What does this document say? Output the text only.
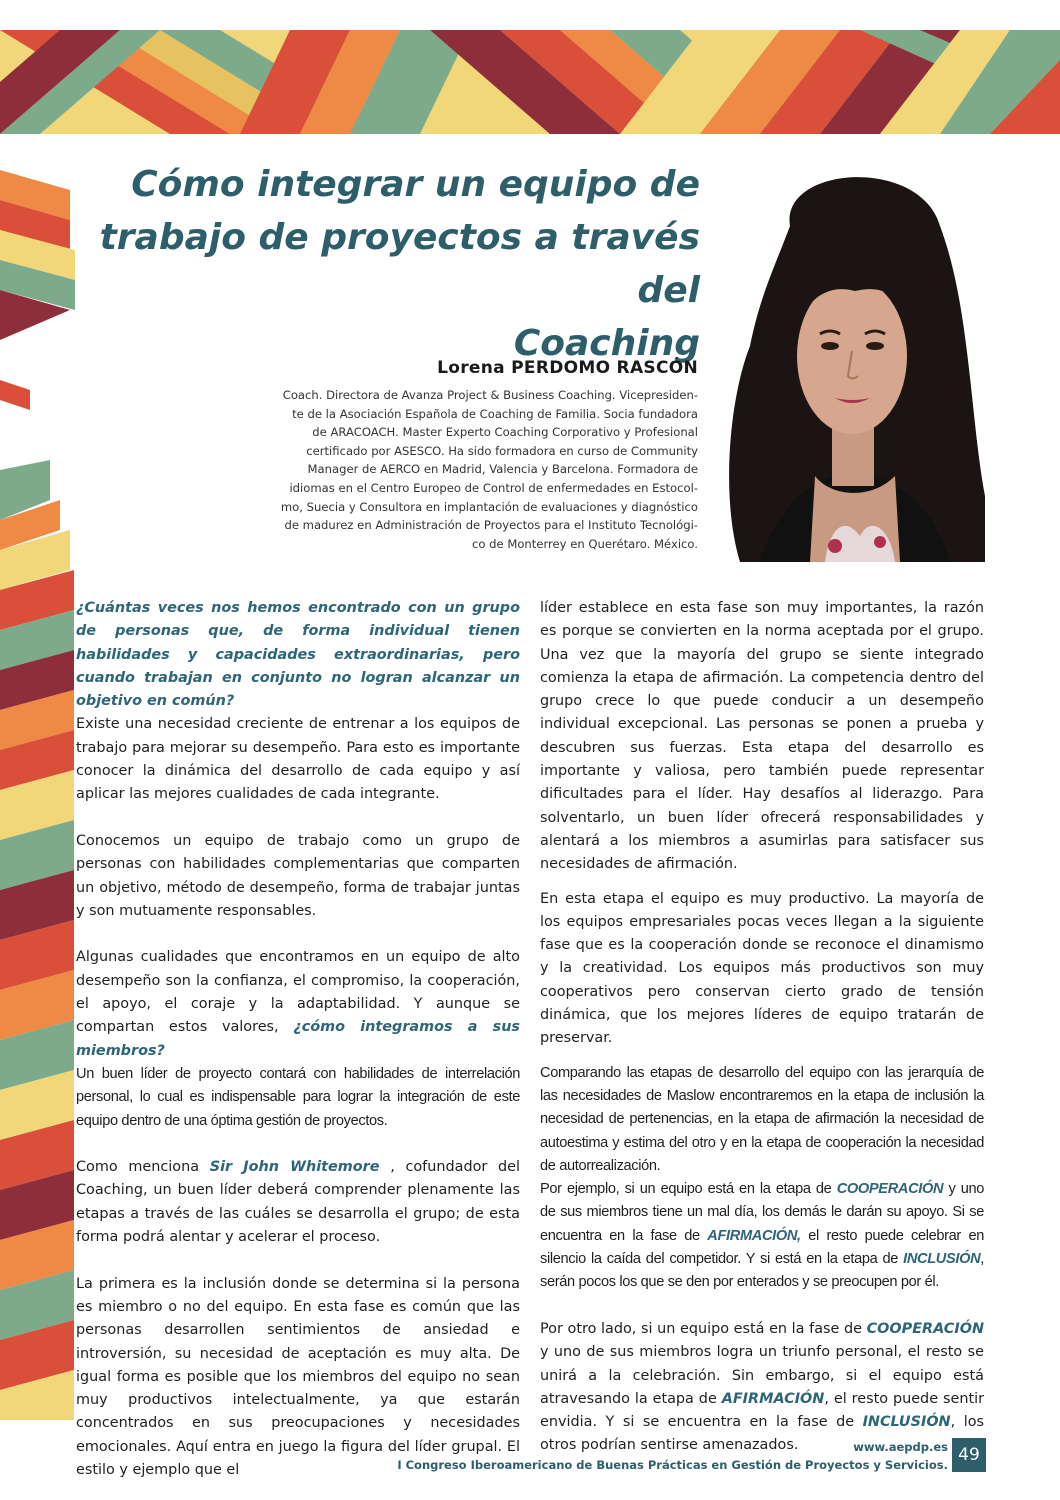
Cómo integrar un equipo de
trabajo de proyectos a través del
Coaching
Lorena PERDOMO RASCÓN
Coach. Directora de Avanza Project & Business Coaching. Vicepresiden-
te de la Asociación Española de Coaching de Familia. Socia fundadora
de ARACOACH. Master Experto Coaching Corporativo y Profesional
certificado por ASESCO. Ha sido formadora en curso de Community
Manager de AERCO en Madrid, Valencia y Barcelona. Formadora de
idiomas en el Centro Europeo de Control de enfermedades en Estocol-
mo, Suecia y Consultora en implantación de evaluaciones y diagnóstico
de madurez en Administración de Proyectos para el Instituto Tecnológi-
co de Monterrey en Querétaro. México.

¿Cuántas veces nos hemos encontrado con un grupo de personas que, de forma individual tienen habilidades y capacidades extraordinarias, pero cuando trabajan en conjunto no logran alcanzar un objetivo en común?

Existe una necesidad creciente de entrenar a los equipos de trabajo para mejorar su desempeño. Para esto es importante conocer la dinámica del desarrollo de cada equipo y así aplicar las mejores cualidades de cada integrante.

Conocemos un equipo de trabajo como un grupo de personas con habilidades complementarias que comparten un objetivo, método de desempeño, forma de trabajar juntas y son mutuamente responsables.

Algunas cualidades que encontramos en un equipo de alto desempeño son la confianza, el compromiso, la cooperación, el apoyo, el coraje y la adaptabilidad. Y aunque se compartan estos valores, ¿cómo integramos a sus miembros?

Un buen líder de proyecto contará con habilidades de interrelación personal, lo cual es indispensable para lograr la integración de este equipo dentro de una óptima gestión de proyectos.

Como menciona Sir John Whitemore , cofundador del Coaching, un buen líder deberá comprender plenamente las etapas a través de las cuáles se desarrolla el grupo; de esta forma podrá alentar y acelerar el proceso.

La primera es la inclusión donde se determina si la persona es miembro o no del equipo. En esta fase es común que las personas desarrollen sentimientos de ansiedad e introversión, su necesidad de aceptación es muy alta. De igual forma es posible que los miembros del equipo no sean muy productivos intelectualmente, ya que estarán concentrados en sus preocupaciones y necesidades emocionales. Aquí entra en juego la figura del líder grupal. El estilo y ejemplo que el

líder establece en esta fase son muy importantes, la razón es porque se convierten en la norma aceptada por el grupo. Una vez que la mayoría del grupo se siente integrado comienza la etapa de afirmación. La competencia dentro del grupo crece lo que puede conducir a un desempeño individual excepcional. Las personas se ponen a prueba y descubren sus fuerzas. Esta etapa del desarrollo es importante y valiosa, pero también puede representar dificultades para el líder. Hay desafíos al liderazgo. Para solventarlo, un buen líder ofrecerá responsabilidades y alentará a los miembros a asumirlas para satisfacer sus necesidades de afirmación.

En esta etapa el equipo es muy productivo. La mayoría de los equipos empresariales pocas veces llegan a la siguiente fase que es la cooperación donde se reconoce el dinamismo y la creatividad. Los equipos más productivos son muy cooperativos pero conservan cierto grado de tensión dinámica, que los mejores líderes de equipo tratarán de preservar.

Comparando las etapas de desarrollo del equipo con las jerarquía de las necesidades de Maslow encontraremos en la etapa de inclusión la necesidad de pertenencias, en la etapa de afirmación la necesidad de autoestima y estima del otro y en la etapa de cooperación la necesidad de autorrealización.

Por ejemplo, si un equipo está en la etapa de COOPERACIÓN y uno de sus miembros tiene un mal día, los demás le darán su apoyo. Si se encuentra en la fase de AFIRMACIÓN, el resto puede celebrar en silencio la caída del competidor. Y si está en la etapa de INCLUSIÓN, serán pocos los que se den por enterados y se preocupen por él.

Por otro lado, si un equipo está en la fase de COOPERACIÓN y uno de sus miembros logra un triunfo personal, el resto se unirá a la celebración. Sin embargo, si el equipo está atravesando la etapa de AFIRMACIÓN, el resto puede sentir envidia. Y si se encuentra en la fase de INCLUSIÓN, los otros podrían sentirse amenazados.	www.aepdp.es
I Congreso Iberoamericano de Buenas Prácticas en Gestión de Proyectos y Servicios. 49
